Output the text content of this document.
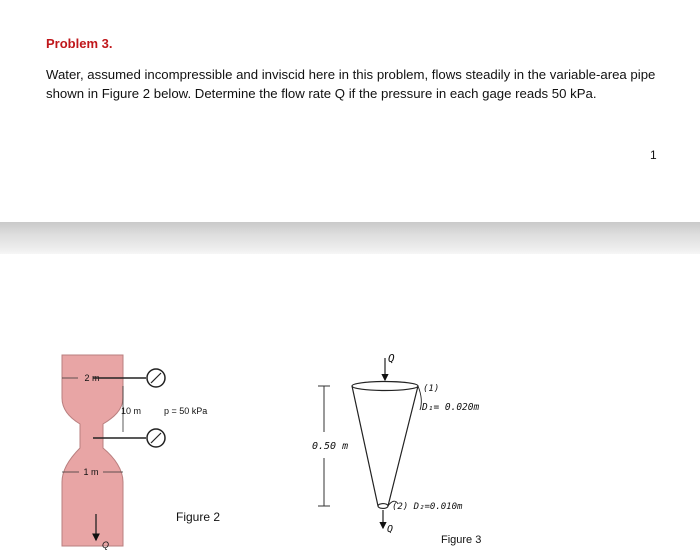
Problem 3.
Water, assumed incompressible and inviscid here in this problem, flows steadily in the variable-area pipe shown in Figure 2 below. Determine the flow rate Q if the pressure in each gage reads 50 kPa.
1
2 m
1 m
10 m	p = 50 kPa
Q
Figure 2
0.50 m
Q
Q
(1)
D₁= 0.020m
(2) D₂=0.010m
Figure 3
